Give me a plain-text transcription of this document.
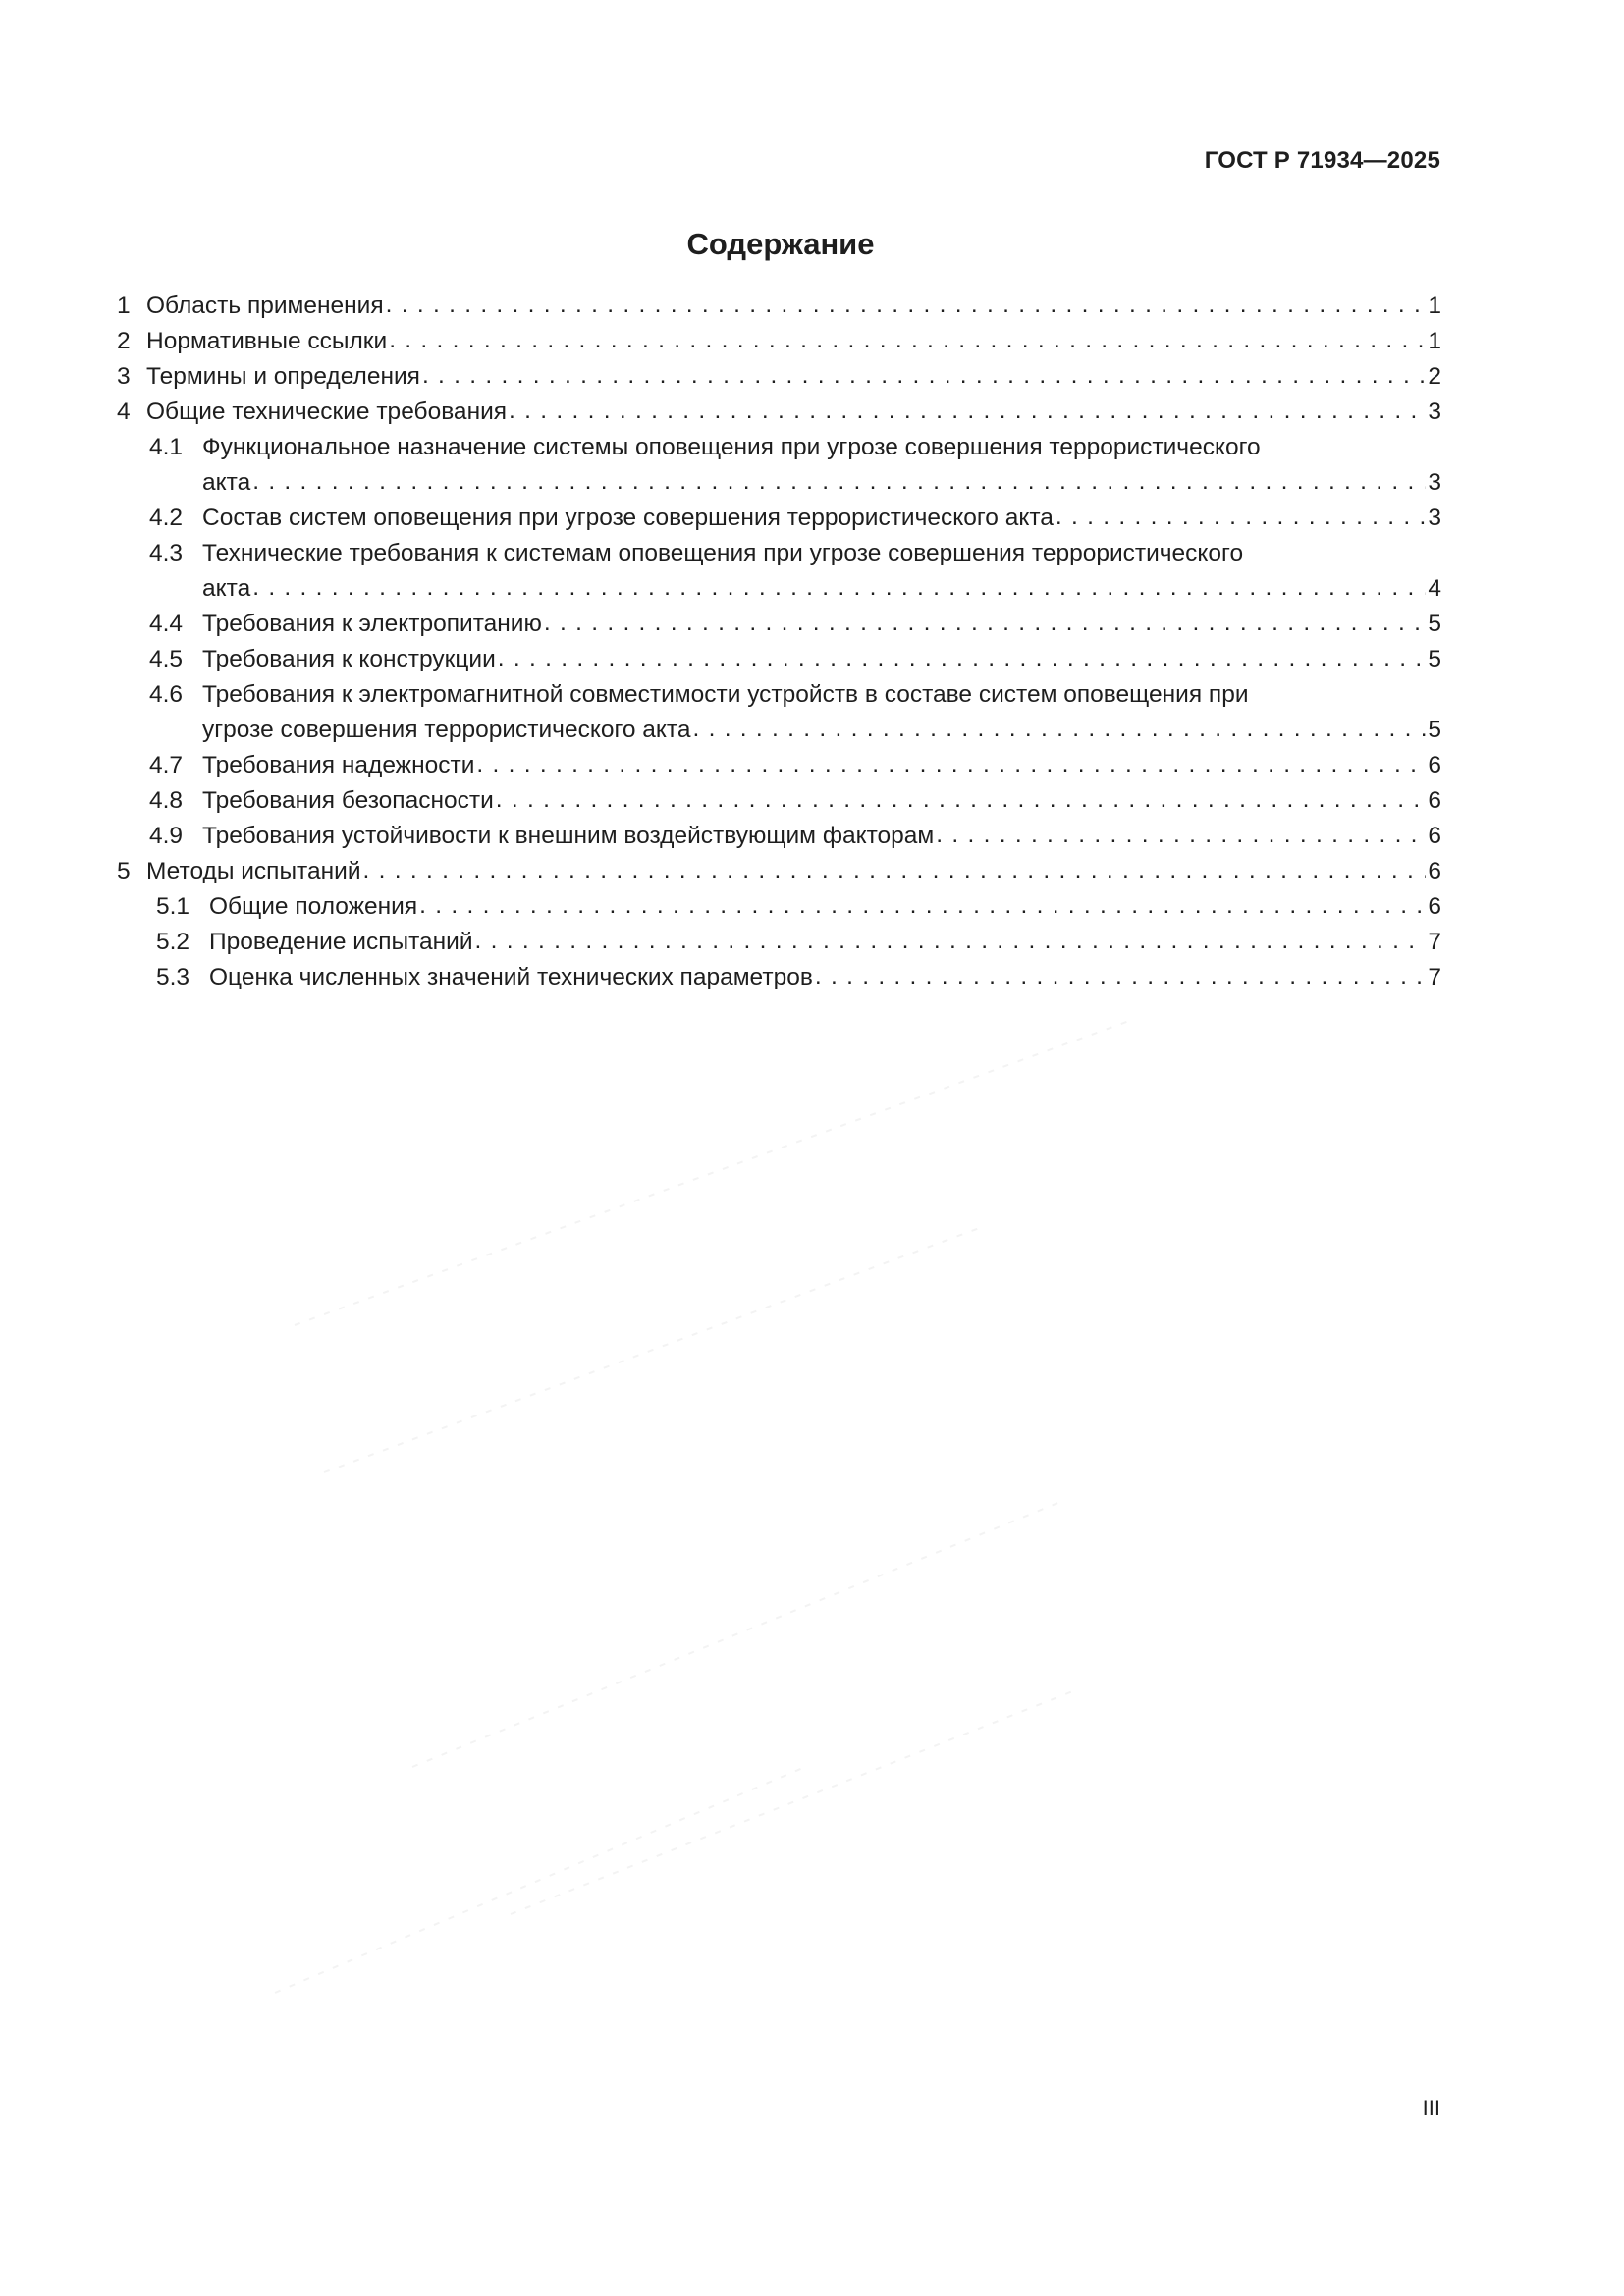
ГОСТ Р 71934—2025
Содержание
1 Область применения . . .	1
2 Нормативные ссылки . . .	1
3 Термины и определения . . .	2
4 Общие технические требования . . .	3
4.1 Функциональное назначение системы оповещения при угрозе совершения террористического
акта . . .	3
4.2 Состав систем оповещения при угрозе совершения террористического акта . . .	3
4.3 Технические требования к системам оповещения при угрозе совершения террористического
акта . . .	4
4.4 Требования к электропитанию . . .	5
4.5 Требования к конструкции . . .	5
4.6 Требования к электромагнитной совместимости устройств в составе систем оповещения при
угрозе совершения террористического акта . . .	5
4.7 Требования надежности . . .	6
4.8 Требования безопасности . . .	6
4.9 Требования устойчивости к внешним воздействующим факторам . . .	6
5 Методы испытаний . . .	6
5.1 Общие положения . . .	6
5.2 Проведение испытаний . . .	7
5.3 Оценка численных значений технических параметров . . .	7
III
